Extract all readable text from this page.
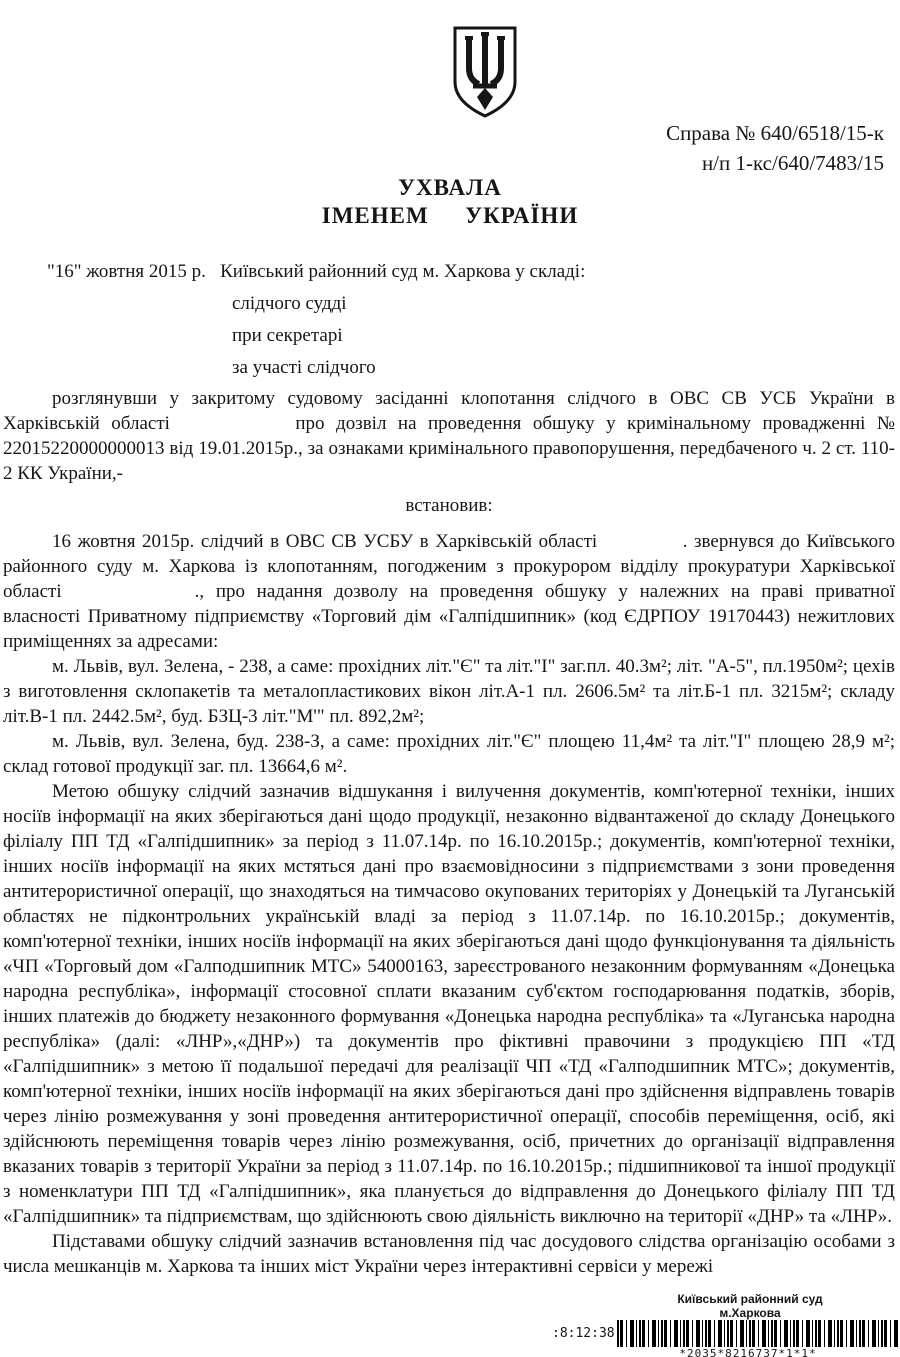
Справа № 640/6518/15-к
н/п 1-кс/640/7483/15
УХВАЛА
ІМЕНЕМ  УКРАЇНИ
"16" жовтня 2015 р.  Київський районний суд м. Харкова у складі:
слідчого судді
при секретарі
за участі слідчого

розглянувши у закритому судовому засіданні клопотання слідчого в ОВС СВ УСБ України в Харківській області       про дозвіл на проведення обшуку у кримінальному провадженні № 22015220000000013 від 19.01.2015р., за ознаками кримінального правопорушення, передбаченого ч. 2 ст. 110-2 КК України,-

встановив:

16 жовтня 2015р. слідчий в ОВС СВ УСБУ в Харківській області     . звернувся до Київського районного суду м. Харкова із клопотанням, погодженим з прокурором відділу прокуратури Харківської області       ., про надання дозволу на проведення обшуку у належних на праві приватної власності Приватному підприємству «Торговий дім «Галпідшипник» (код ЄДРПОУ 19170443) нежитлових приміщеннях за адресами:

м. Львів, вул. Зелена, - 238, а саме: прохідних літ."Є" та літ."І" заг.пл. 40.3м²; літ. "А-5", пл.1950м²; цехів з виготовлення склопакетів та металопластикових вікон літ.А-1 пл. 2606.5м² та літ.Б-1 пл. 3215м²; складу літ.В-1 пл. 2442.5м², буд. БЗЦ-3 літ."М'" пл. 892,2м²;

м. Львів, вул. Зелена, буд. 238-З, а саме: прохідних літ."Є" площею 11,4м² та літ."І" площею 28,9 м²; склад готової продукції заг. пл. 13664,6 м².

Метою обшуку слідчий зазначив відшукання і вилучення документів, комп'ютерної техніки, інших носіїв інформації на яких зберігаються дані щодо продукції, незаконно відвантаженої до складу Донецького філіалу ПП ТД «Галпідшипник» за період з 11.07.14р. по 16.10.2015р.; документів, комп'ютерної техніки, інших носіїв інформації на яких мстяться дані про взаємовідносини з підприємствами з зони проведення антитерористичної операції, що знаходяться на тимчасово окупованих територіях у Донецькій та Луганській областях не підконтрольних українській владі за період з 11.07.14р. по 16.10.2015р.; документів, комп'ютерної техніки, інших носіїв інформації на яких зберігаються дані щодо функціонування та діяльність «ЧП «Торговый дом «Галподшипник МТС» 54000163, зареєстрованого незаконним формуванням «Донецька народна республіка», інформації стосовної сплати вказаним суб'єктом господарювання податків, зборів, інших платежів до бюджету незаконного формування «Донецька народна республіка» та «Луганська народна республіка» (далі: «ЛНР»,«ДНР») та документів про фіктивні правочини з продукцією ПП «ТД «Галпідшипник» з метою її подальшої передачі для реалізації ЧП «ТД «Галподшипник МТС»; документів, комп'ютерної техніки, інших носіїв інформації на яких зберігаються дані про здійснення відправлень товарів через лінію розмежування у зоні проведення антитерористичної операції, способів переміщення, осіб, які здійснюють переміщення товарів через лінію розмежування, осіб, причетних до організації відправлення вказаних товарів з території України за період з 11.07.14р. по 16.10.2015р.; підшипникової та іншої продукції з номенклатури ПП ТД «Галпідшипник», яка планується до відправлення до Донецького філіалу ПП ТД «Галпідшипник» та підприємствам, що здійснюють свою діяльність виключно на території «ДНР» та «ЛНР».

Підставами обшуку слідчий зазначив встановлення під час досудового слідства організацію особами з числа мешканців м. Харкова та інших міст України через інтерактивні сервіси у мережі

Київський районний суд
м.Харкова
:8:12:38
*2035*8216737*1*1*
